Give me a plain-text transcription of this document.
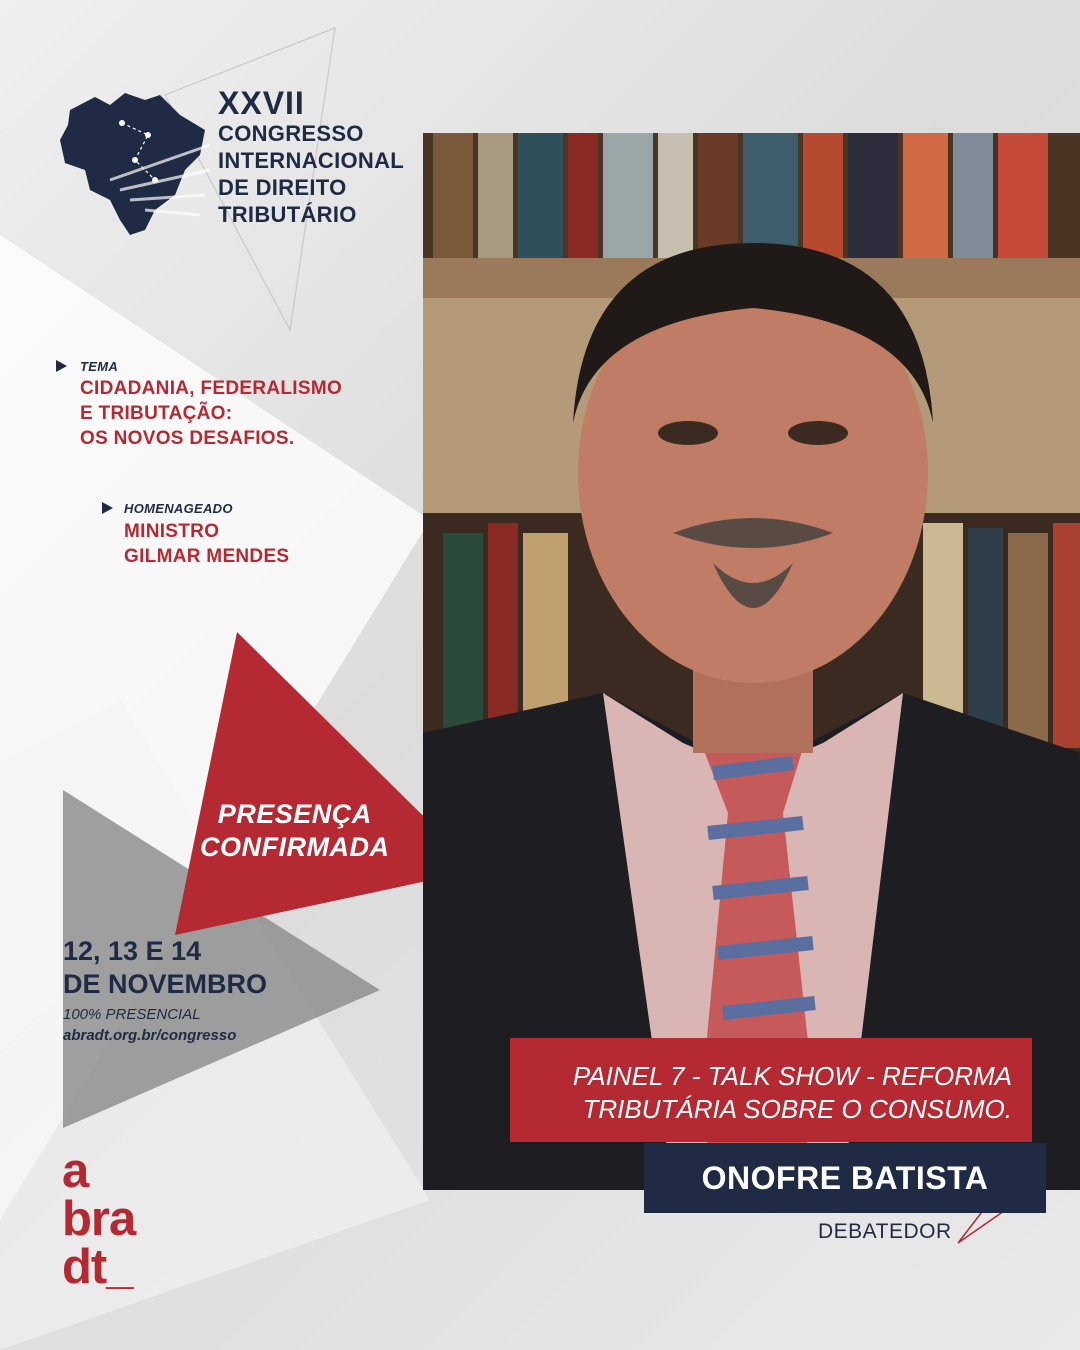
XXVII
CONGRESSO
INTERNACIONAL
DE DIREITO
TRIBUTÁRIO
TEMA
CIDADANIA, FEDERALISMO
E TRIBUTAÇÃO:
OS NOVOS DESAFIOS.
HOMENAGEADO
MINISTRO
GILMAR MENDES
PRESENÇA
CONFIRMADA
12, 13 E 14
DE NOVEMBRO
100% PRESENCIAL
abradt.org.br/congresso
PAINEL 7 - TALK SHOW - REFORMA
TRIBUTÁRIA SOBRE O CONSUMO.
ONOFRE BATISTA
DEBATEDOR
a
bra
dt_
